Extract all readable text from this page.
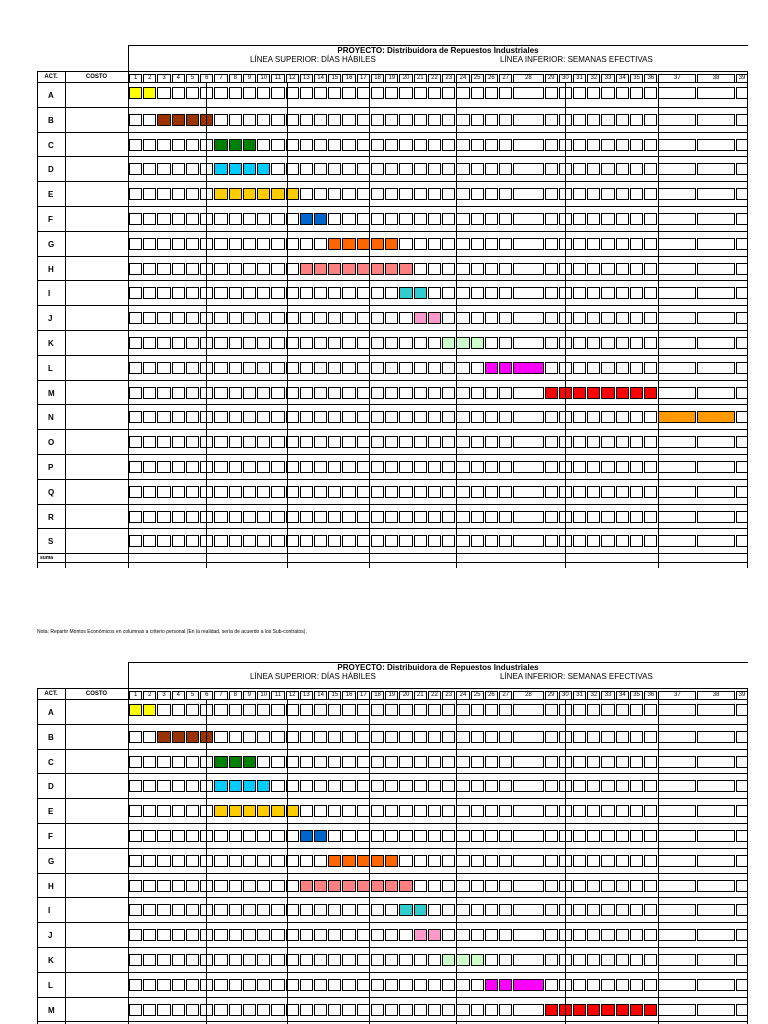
PROYECTO: Distribuidora de Repuestos Industriales
LÍNEA SUPERIOR: DÍAS HÁBILES	LÍNEA INFERIOR: SEMANAS EFECTIVAS
ACT.	COSTO	1	2	3	4	5	6	7	8	9	10	11	12	13	14	15	16	17	18	19	20	21	22	23	24	25	26	27	28	29	30	31	32	33	34	35	36	37	38	39
A
B
C
D
E
F
G
H
I
J
K
L
M
N
O
P
Q
R
S
suma
Nota: Repartir Montos Económicos en columnas a criterio personal (En la realidad, sería de acuerdo a los Sub-contratos).
PROYECTO: Distribuidora de Repuestos Industriales
LÍNEA SUPERIOR: DÍAS HÁBILES	LÍNEA INFERIOR: SEMANAS EFECTIVAS
ACT.	COSTO	1	2	3	4	5	6	7	8	9	10	11	12	13	14	15	16	17	18	19	20	21	22	23	24	25	26	27	28	29	30	31	32	33	34	35	36	37	38	39
A
B
C
D
E
F
G
H
I
J
K
L
M
